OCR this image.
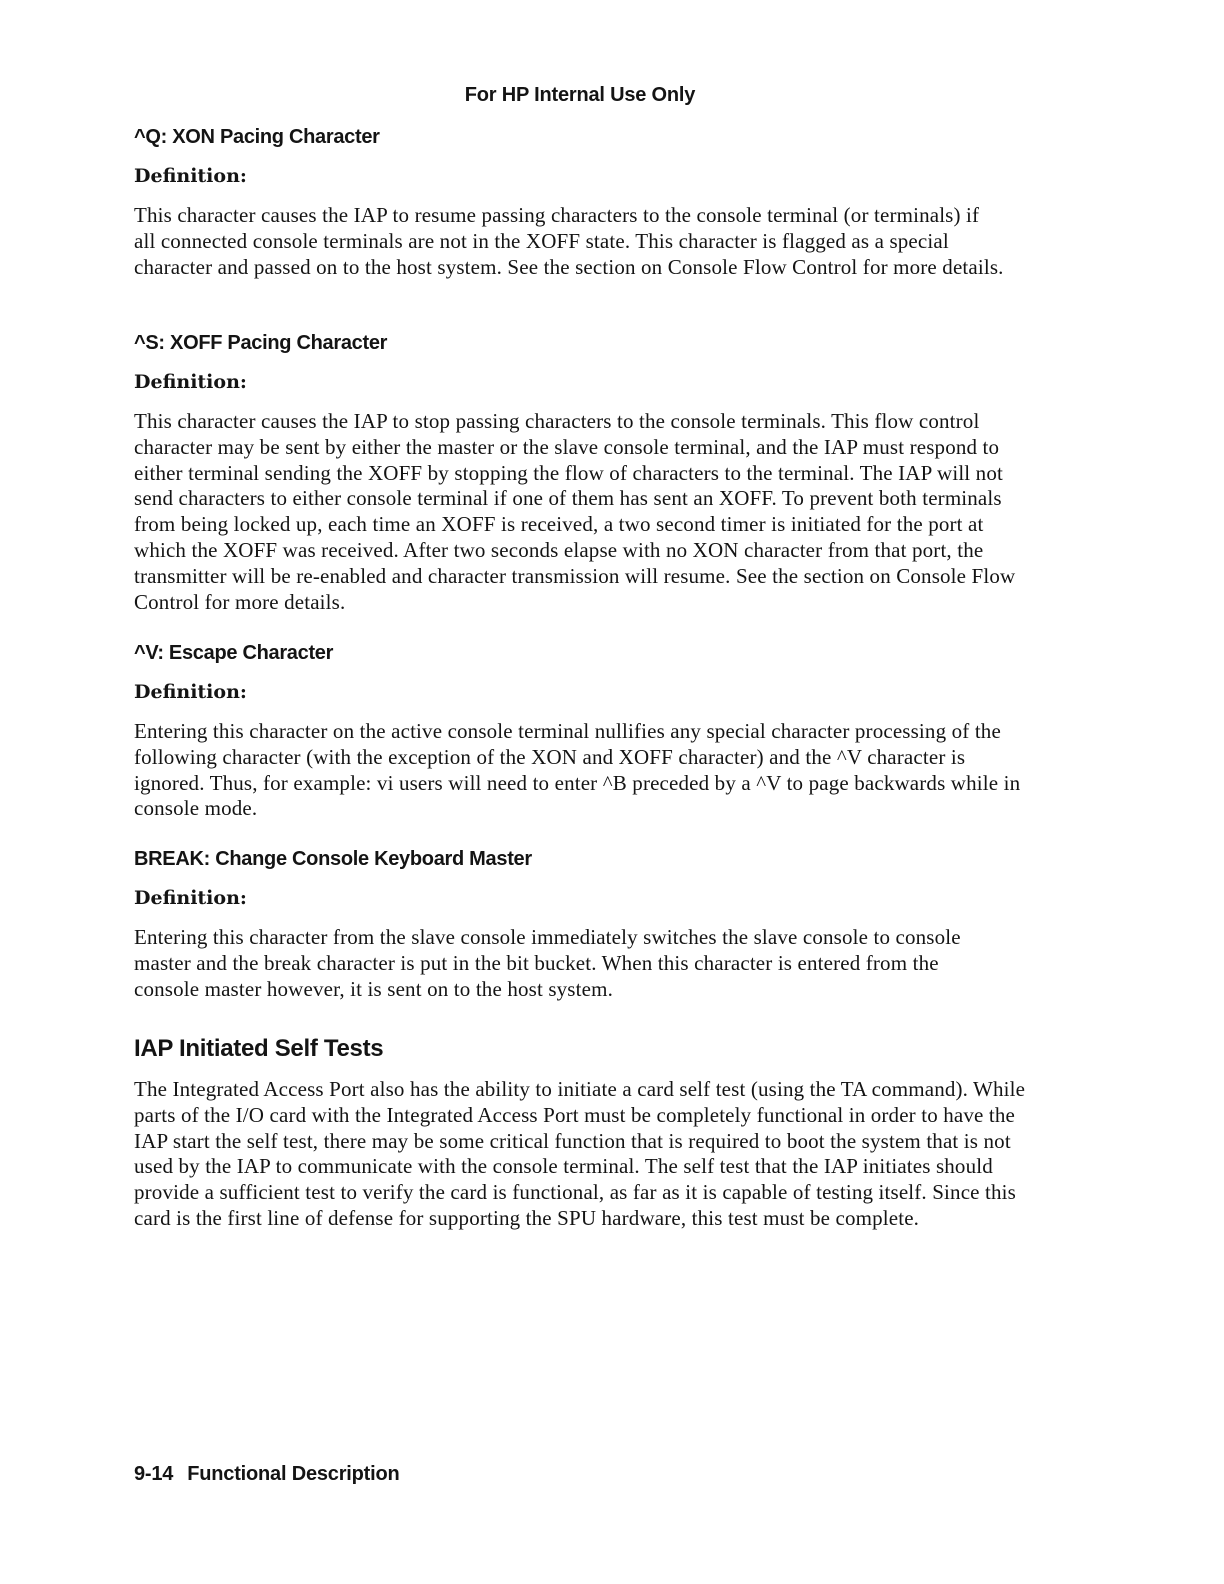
For HP Internal Use Only
^Q: XON Pacing Character
Definition:

This character causes the IAP to resume passing characters to the console terminal (or terminals) if all connected console terminals are not in the XOFF state. This character is flagged as a special character and passed on to the host system. See the section on Console Flow Control for more details.

^S: XOFF Pacing Character
Definition:

This character causes the IAP to stop passing characters to the console terminals. This flow control character may be sent by either the master or the slave console terminal, and the IAP must respond to either terminal sending the XOFF by stopping the flow of characters to the terminal. The IAP will not send characters to either console terminal if one of them has sent an XOFF. To prevent both terminals from being locked up, each time an XOFF is received, a two second timer is initiated for the port at which the XOFF was received. After two seconds elapse with no XON character from that port, the transmitter will be re-enabled and character transmission will resume. See the section on Console Flow Control for more details.

^V: Escape Character
Definition:

Entering this character on the active console terminal nullifies any special character processing of the following character (with the exception of the XON and XOFF character) and the ^V character is ignored. Thus, for example: vi users will need to enter ^B preceded by a ^V to page backwards while in console mode.

BREAK: Change Console Keyboard Master
Definition:

Entering this character from the slave console immediately switches the slave console to console master and the break character is put in the bit bucket. When this character is entered from the console master however, it is sent on to the host system.

IAP Initiated Self Tests

The Integrated Access Port also has the ability to initiate a card self test (using the TA command). While parts of the I/O card with the Integrated Access Port must be completely functional in order to have the IAP start the self test, there may be some critical function that is required to boot the system that is not used by the IAP to communicate with the console terminal. The self test that the IAP initiates should provide a sufficient test to verify the card is functional, as far as it is capable of testing itself. Since this card is the first line of defense for supporting the SPU hardware, this test must be complete.

9-14 Functional Description
